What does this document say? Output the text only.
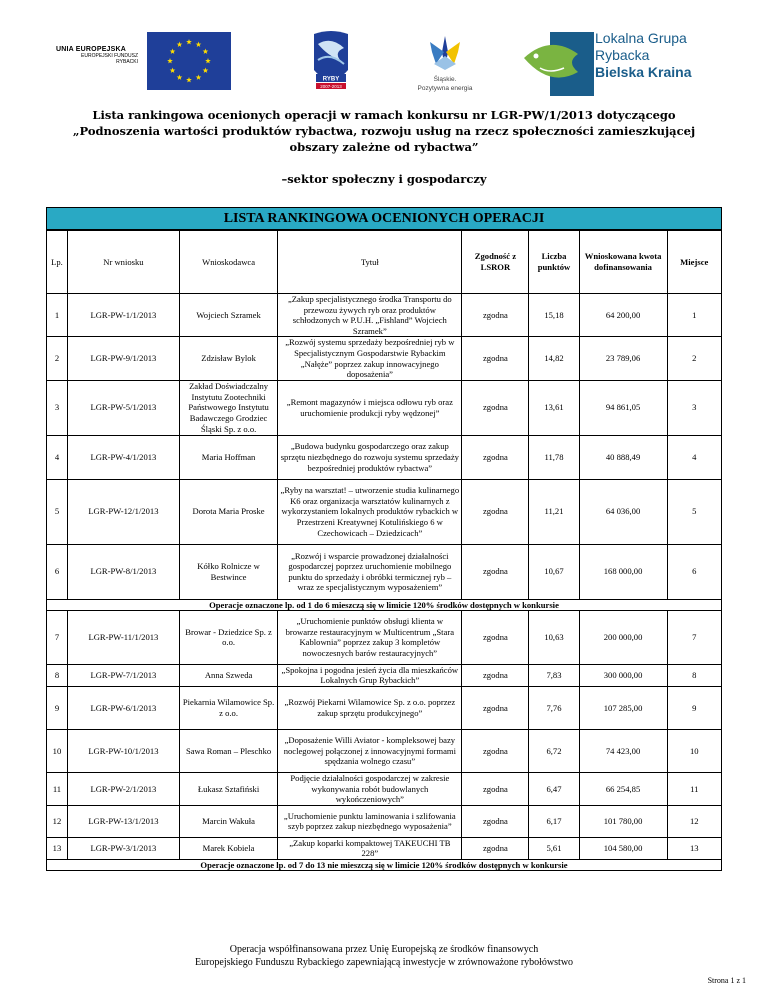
UNIA EUROPEJSKA
EUROPEJSKI FUNDUSZ
RYBACKI
RYBY
2007-2013
Śląskie.
Pozytywna energia
Lokalna Grupa
Rybacka
Bielska Kraina
Lista rankingowa ocenionych operacji w ramach konkursu nr LGR-PW/1/2013 dotyczącego
„Podnoszenia wartości produktów rybactwa, rozwoju usług na rzecz społeczności zamieszkującej
obszary zależne od rybactwa”
–sektor społeczny i gospodarczy
LISTA RANKINGOWA OCENIONYCH OPERACJI
Lp.	Nr wniosku	Wnioskodawca	Tytuł	Zgodność z LSROR	Liczba punktów	Wnioskowana kwota dofinansowania	Miejsce
1	LGR-PW-1/1/2013	Wojciech Szramek	„Zakup specjalistycznego środka Transportu do przewozu żywych ryb oraz produktów schłodzonych w P.U.H. „Fishland” Wojciech Szramek”	zgodna	15,18	64 200,00	1
2	LGR-PW-9/1/2013	Zdzisław Bylok	„Rozwój systemu sprzedaży bezpośredniej ryb w Specjalistycznym Gospodarstwie Rybackim „Nałęże” poprzez zakup innowacyjnego doposażenia”	zgodna	14,82	23 789,06	2
3	LGR-PW-5/1/2013	Zakład Doświadczalny Instytutu Zootechniki Państwowego Instytutu Badawczego Grodziec Śląski Sp. z o.o.	„Remont magazynów i miejsca odłowu ryb oraz uruchomienie produkcji ryby wędzonej”	zgodna	13,61	94 861,05	3
4	LGR-PW-4/1/2013	Maria Hoffman	„Budowa budynku gospodarczego oraz zakup sprzętu niezbędnego do rozwoju systemu sprzedaży bezpośredniej produktów rybactwa”	zgodna	11,78	40 888,49	4
5	LGR-PW-12/1/2013	Dorota Maria Proske	„Ryby na warsztat! – utworzenie studia kulinarnego K6 oraz organizacja warsztatów kulinarnych z wykorzystaniem lokalnych produktów rybackich w Przestrzeni Kreatywnej Kotulińskiego 6 w Czechowicach – Dziedzicach”	zgodna	11,21	64 036,00	5
6	LGR-PW-8/1/2013	Kółko Rolnicze w Bestwince	„Rozwój i wsparcie prowadzonej działalności gospodarczej poprzez uruchomienie mobilnego punktu do sprzedaży i obróbki termicznej ryb – wraz ze specjalistycznym wyposażeniem”	zgodna	10,67	168 000,00	6
Operacje oznaczone lp. od 1 do 6 mieszczą się w limicie 120% środków dostępnych w konkursie							
7	LGR-PW-11/1/2013	Browar - Dziedzice Sp. z o.o.	„Uruchomienie punktów obsługi klienta w browarze restauracyjnym w Multicentrum „Stara Kablownia” poprzez zakup 3 kompletów nowoczesnych barów restauracyjnych”	zgodna	10,63	200 000,00	7
8	LGR-PW-7/1/2013	Anna Szweda	„Spokojna i pogodna jesień życia dla mieszkańców Lokalnych Grup Rybackich”	zgodna	7,83	300 000,00	8
9	LGR-PW-6/1/2013	Piekarnia Wilamowice Sp. z o.o.	„Rozwój Piekarni Wilamowice Sp. z o.o. poprzez zakup sprzętu produkcyjnego”	zgodna	7,76	107 285,00	9
10	LGR-PW-10/1/2013	Sawa Roman – Pleschko	„Doposażenie Willi Aviator - kompleksowej bazy noclegowej połączonej z innowacyjnymi formami spędzania wolnego czasu”	zgodna	6,72	74 423,00	10
11	LGR-PW-2/1/2013	Łukasz Sztafiński	Podjęcie działalności gospodarczej w zakresie wykonywania robót budowlanych wykończeniowych”	zgodna	6,47	66 254,85	11
12	LGR-PW-13/1/2013	Marcin Wakuła	„Uruchomienie punktu laminowania i szlifowania szyb poprzez zakup niezbędnego wyposażenia”	zgodna	6,17	101 780,00	12
13	LGR-PW-3/1/2013	Marek Kobiela	„Zakup koparki kompaktowej TAKEUCHI TB 228”	zgodna	5,61	104 580,00	13
Operacje oznaczone lp. od 7 do 13 nie mieszczą się w limicie 120% środków dostępnych w konkursie							
Operacja współfinansowana przez Unię Europejską ze środków finansowych
Europejskiego Funduszu Rybackiego zapewniającą inwestycje w zrównoważone rybołówstwo
Strona 1 z 1
